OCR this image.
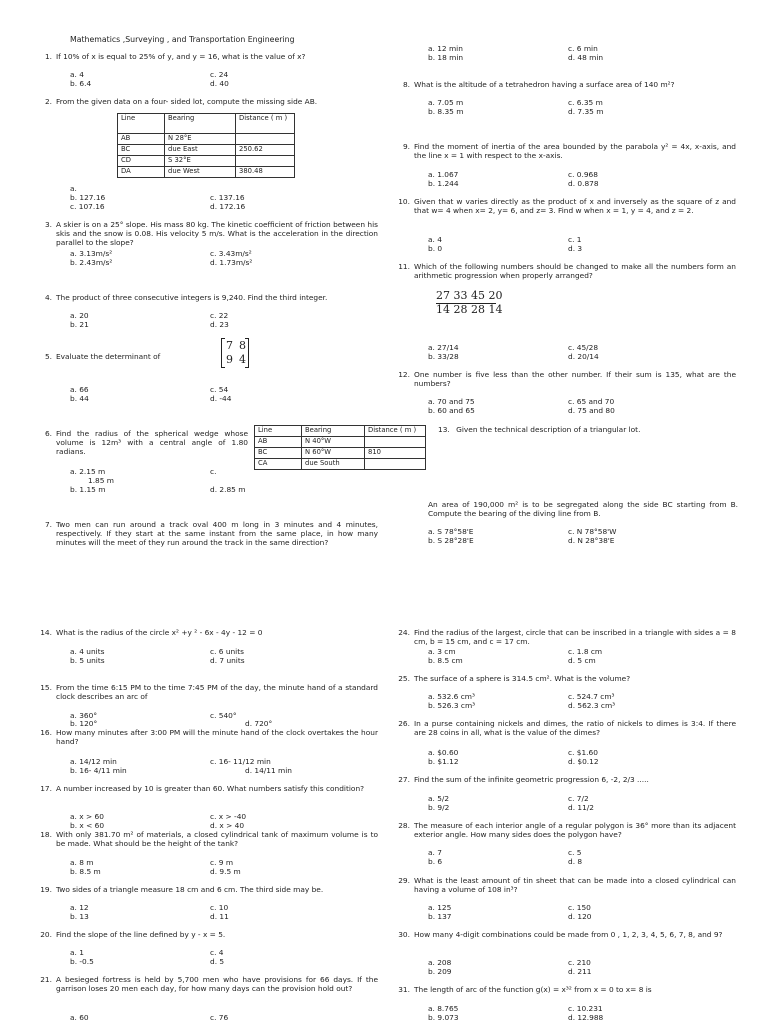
Mathematics ,Surveying , and Transportation Engineering
1. If 10% of x is equal to 25% of y, and y = 16, what is the value of x?
a. 4
b. 6.4
c. 24
d. 40
2. From the given data on a four- sided lot, compute the missing side AB.
Line	Bearing	Distance ( m )
AB	N 28°E	
BC	due East	250.62
CD	S 32°E	
DA	due West	380.48
a.
b. 127.16
c. 107.16
c. 137.16
d. 172.16
3. A skier is on a 25° slope. His mass 80 kg. The kinetic coefficient of friction between his skis and the snow is 0.08. His velocity 5 m/s. What is the acceleration in the direction parallel to the slope?
a. 3.13m/s²
b. 2.43m/s²
c. 3.43m/s²
d. 1.73m/s²
4. The product of three consecutive integers is 9,240. Find the third integer.
a. 20
b. 21
c. 22
d. 23
5. Evaluate the determinant of
7 8
9 4
a. 66
b. 44
c. 54
d. -44
6. Find the radius of the spherical wedge whose volume is 12m³ with a central angle of 1.80 radians.
Line	Bearing	Distance ( m )
AB	N 40°W	
BC	N 60°W	810
CA	due South	
a. 2.15 m	c.
1.85 m
b. 1.15 m	d. 2.85 m
7. Two men can run around a track oval 400 m long in 3 minutes and 4 minutes, respectively. If they start at the same instant from the same place, in how many minutes will the meet of they run around the track in the same direction?
a. 12 min
b. 18 min
c. 6 min
d. 48 min
8. What is the altitude of a tetrahedron having a surface area of 140 m²?
a. 7.05 m
b. 8.35 m
c. 6.35 m
d. 7.35 m
9. Find the moment of inertia of the area bounded by the parabola y² = 4x, x-axis, and the line x = 1 with respect to the x-axis.
a. 1.067
b. 1.244
c. 0.968
d. 0.878
10. Given that w varies directly as the product of x and inversely as the square of z and that w= 4 when x= 2, y= 6, and z= 3. Find w when x = 1, y = 4, and z = 2.
a. 4
b. 0
c. 1
d. 3
11. Which of the following numbers should be changed to make all the numbers form an arithmetic progression when properly arranged?
27 33 45 20
14 28 28 14
a. 27/14
b. 33/28
c. 45/28
d. 20/14
12. One number is five less than the other number. If their sum is 135, what are the numbers?
a. 70 and 75
b. 60 and 65
c. 65 and 70
d. 75 and 80
13. Given the technical description of a triangular lot.
An area of 190,000 m² is to be segregated along the side BC starting from B. Compute the bearing of the diving line from B.
a. S 78°58'E
b. S 28°28'E
c. N 78°58'W
d. N 28°38'E
14. What is the radius of the circle x² +y ² - 6x - 4y - 12 = 0
a. 4 units
b. 5 units
c. 6 units
d. 7 units
15. From the time 6:15 PM to the time 7:45 PM of the day, the minute hand of a standard clock describes an arc of
a. 360°
b. 120°
c. 540°
d. 720°
16. How many minutes after 3:00 PM will the minute hand of the clock overtakes the hour hand?
a. 14/12 min
b. 16- 4/11 min
c. 16- 11/12 min
d. 14/11 min
17. A number increased by 10 is greater than 60. What numbers satisfy this condition?
a. x > 60
b. x < 60
c. x > -40
d. x > 40
18. With only 381.70 m² of materials, a closed cylindrical tank of maximum volume is to be made. What should be the height of the tank?
a. 8 m
b. 8.5 m
c. 9 m
d. 9.5 m
19. Two sides of a triangle measure 18 cm and 6 cm. The third side may be.
a. 12
b. 13
c. 10
d. 11
20. Find the slope of the line defined by y - x = 5.
a. 1
b. -0.5
c. 4
d. 5
21. A besieged fortress is held by 5,700 men who have provisions for 66 days. If the garrison loses 20 men each day, for how many days can the provision hold out?
a. 60	c. 76
24. Find the radius of the largest, circle that can be inscribed in a triangle with sides a = 8 cm, b = 15 cm, and c = 17 cm.
a. 3 cm
b. 8.5 cm
c. 1.8 cm
d. 5 cm
25. The surface of a sphere is 314.5 cm². What is the volume?
a. 532.6 cm³
b. 526.3 cm³
c. 524.7 cm³
d. 562.3 cm³
26. In a purse containing nickels and dimes, the ratio of nickels to dimes is 3:4. If there are 28 coins in all, what is the value of the dimes?
a. $0.60
b. $1.12
c. $1.60
d. $0.12
27. Find the sum of the infinite geometric progression 6, -2, 2/3 .....
a. 5/2
b. 9/2
c. 7/2
d. 11/2
28. The measure of each interior angle of a regular polygon is 36° more than its adjacent exterior angle. How many sides does the polygon have?
a. 7
b. 6
c. 5
d. 8
29. What is the least amount of tin sheet that can be made into a closed cylindrical can having a volume of 108 in³?
a. 125
b. 137
c. 150
d. 120
30. How many 4-digit combinations could be made from 0 , 1, 2, 3, 4, 5, 6, 7, 8, and 9?
a. 208
b. 209
c. 210
d. 211
31. The length of arc of the function g(x) = x³² from x = 0 to x= 8 is
a. 8.765
b. 9.073
c. 10.231
d. 12.988
